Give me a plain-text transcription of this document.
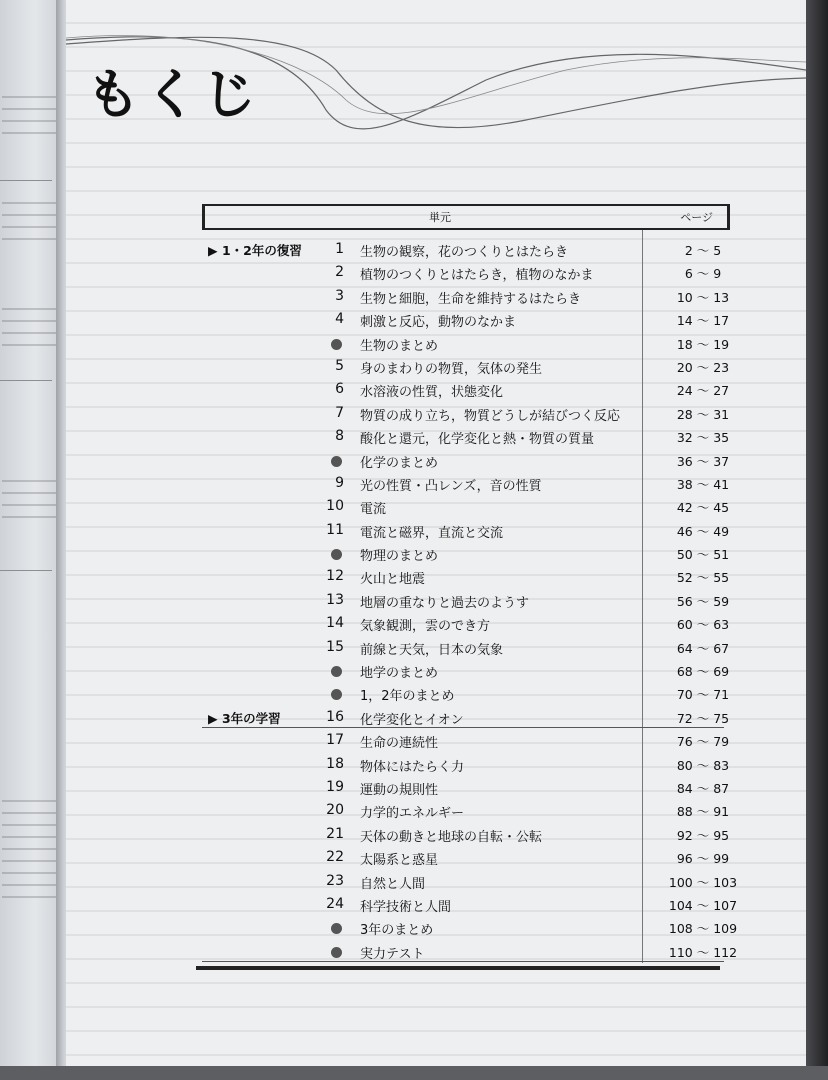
もくじ
単元	ページ
▶ 1・2年の復習	1 生物の観察，花のつくりとはたらき	2 〜 5
2 植物のつくりとはたらき，植物のなかま	6 〜 9
3 生物と細胞，生命を維持するはたらき	10 〜 13
4 刺激と反応，動物のなかま	14 〜 17
生物のまとめ	18 〜 19
5 身のまわりの物質，気体の発生	20 〜 23
6 水溶液の性質，状態変化	24 〜 27
7 物質の成り立ち，物質どうしが結びつく反応	28 〜 31
8 酸化と還元，化学変化と熱・物質の質量	32 〜 35
化学のまとめ	36 〜 37
9 光の性質・凸レンズ，音の性質	38 〜 41
10 電流	42 〜 45
11 電流と磁界，直流と交流	46 〜 49
物理のまとめ	50 〜 51
12 火山と地震	52 〜 55
13 地層の重なりと過去のようす	56 〜 59
14 気象観測，雲のでき方	60 〜 63
15 前線と天気，日本の気象	64 〜 67
地学のまとめ	68 〜 69
1，2年のまとめ	70 〜 71
▶ 3年の学習	16 化学変化とイオン	72 〜 75
17 生命の連続性	76 〜 79
18 物体にはたらく力	80 〜 83
19 運動の規則性	84 〜 87
20 力学的エネルギー	88 〜 91
21 天体の動きと地球の自転・公転	92 〜 95
22 太陽系と惑星	96 〜 99
23 自然と人間	100 〜 103
24 科学技術と人間	104 〜 107
3年のまとめ	108 〜 109
実力テスト	110 〜 112
